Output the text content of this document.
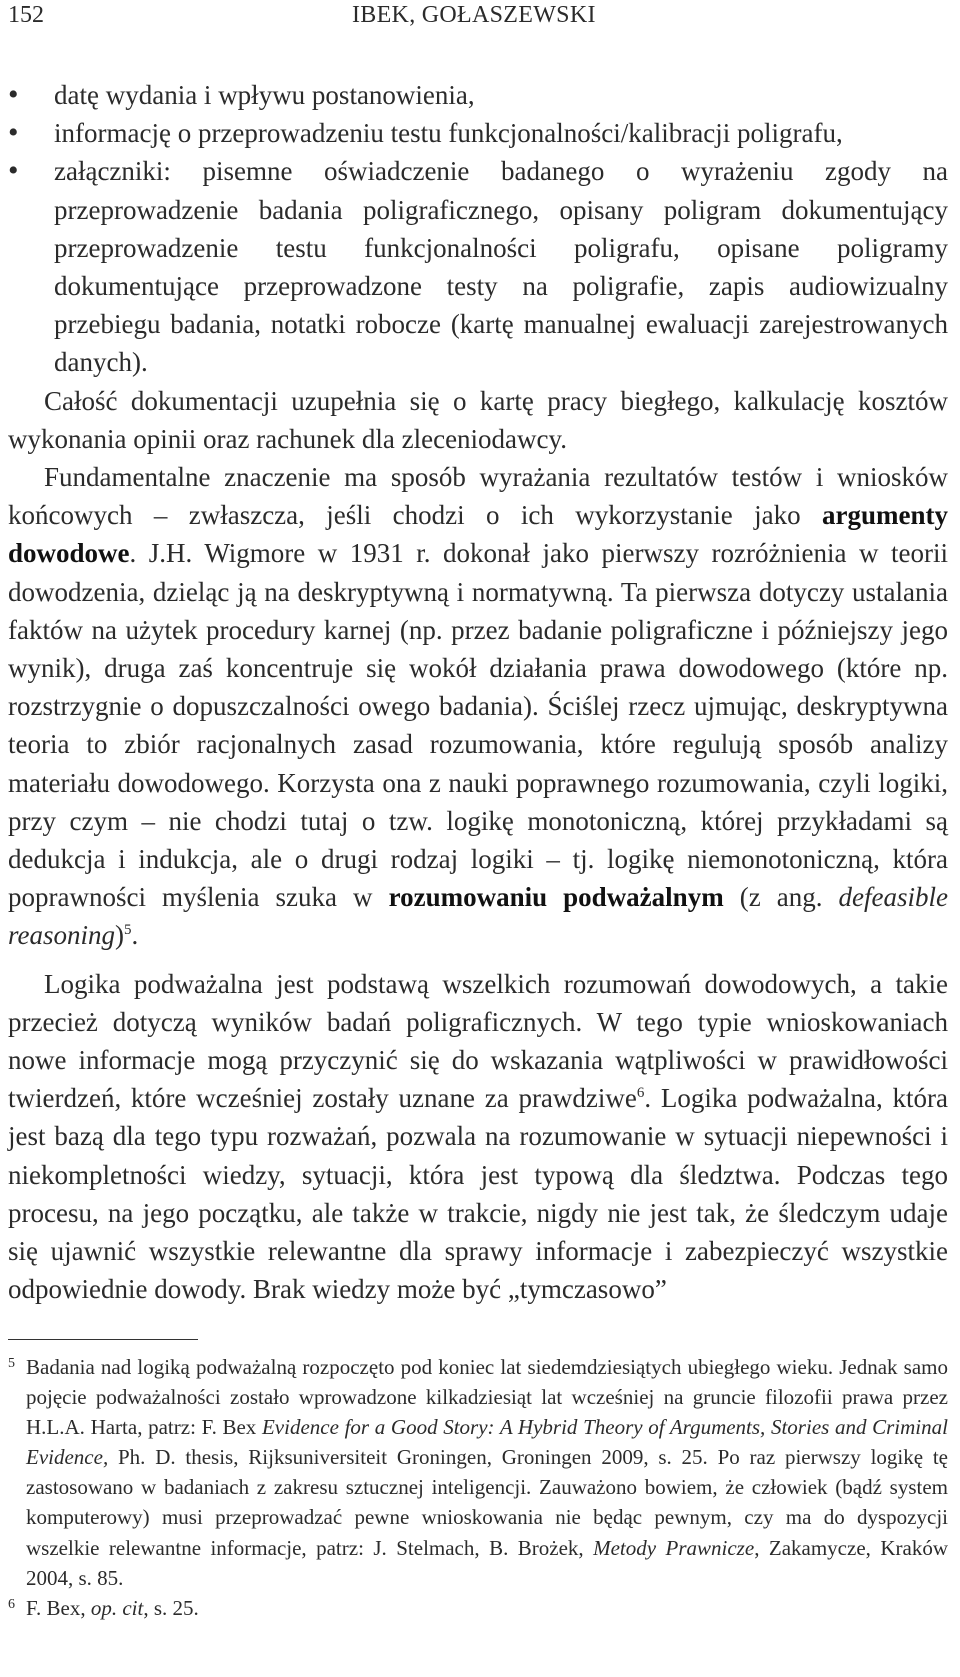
152	IBEK, GOŁASZEWSKI
•
datę wydania i wpływu postanowienia,
•
informację o przeprowadzeniu testu funkcjonalności/kalibracji poligrafu,
•
załączniki: pisemne oświadczenie badanego o wyrażeniu zgody na przeprowadzenie badania poligraficznego, opisany poligram dokumentujący przeprowadzenie testu funkcjonalności poligrafu, opisane poligramy dokumentujące przeprowadzone testy na poligrafie, zapis audiowizualny przebiegu badania, notatki robocze (kartę manualnej ewaluacji zarejestrowanych danych).

Całość dokumentacji uzupełnia się o kartę pracy biegłego, kalkulację kosztów wykonania opinii oraz rachunek dla zleceniodawcy.

Fundamentalne znaczenie ma sposób wyrażania rezultatów testów i wniosków końcowych – zwłaszcza, jeśli chodzi o ich wykorzystanie jako argumenty dowodowe. J.H. Wigmore w 1931 r. dokonał jako pierwszy rozróżnienia w teorii dowodzenia, dzieląc ją na deskryptywną i normatywną. Ta pierwsza dotyczy ustalania faktów na użytek procedury karnej (np. przez badanie poligraficzne i późniejszy jego wynik), druga zaś koncentruje się wokół działania prawa dowodowego (które np. rozstrzygnie o dopuszczalności owego badania). Ściślej rzecz ujmując, deskryptywna teoria to zbiór racjonalnych zasad rozumowania, które regulują sposób analizy materiału dowodowego. Korzysta ona z nauki poprawnego rozumowania, czyli logiki, przy czym – nie chodzi tutaj o tzw. logikę monotoniczną, której przykładami są dedukcja i indukcja, ale o drugi rodzaj logiki – tj. logikę niemonotoniczną, która poprawności myślenia szuka w rozumowaniu podważalnym (z ang. defeasible reasoning)$^5$.

Logika podważalna jest podstawą wszelkich rozumowań dowodowych, a takie przecież dotyczą wyników badań poligraficznych. W tego typie wnioskowaniach nowe informacje mogą przyczynić się do wskazania wątpliwości w prawidłowości twierdzeń, które wcześniej zostały uznane za prawdziwe$^6$. Logika podważalna, która jest bazą dla tego typu rozważań, pozwala na rozumowanie w sytuacji niepewności i niekompletności wiedzy, sytuacji, która jest typową dla śledztwa. Podczas tego procesu, na jego początku, ale także w trakcie, nigdy nie jest tak, że śledczym udaje się ujawnić wszystkie relewantne dla sprawy informacje i zabezpieczyć wszystkie odpowiednie dowody. Brak wiedzy może być „tymczasowo”

5 Badania nad logiką podważalną rozpoczęto pod koniec lat siedemdziesiątych ubiegłego wieku. Jednak samo pojęcie podważalności zostało wprowadzone kilkadziesiąt lat wcześniej na gruncie filozofii prawa przez H.L.A. Harta, patrz: F. Bex Evidence for a Good Story: A Hybrid Theory of Arguments, Stories and Criminal Evidence, Ph. D. thesis, Rijksuniversiteit Groningen, Groningen 2009, s. 25. Po raz pierwszy logikę tę zastosowano w badaniach z zakresu sztucznej inteligencji. Zauważono bowiem, że człowiek (bądź system komputerowy) musi przeprowadzać pewne wnioskowania nie będąc pewnym, czy ma do dyspozycji wszelkie relewantne informacje, patrz: J. Stelmach, B. Brożek, Metody Prawnicze, Zakamycze, Kraków 2004, s. 85.

6 F. Bex, op. cit, s. 25.
